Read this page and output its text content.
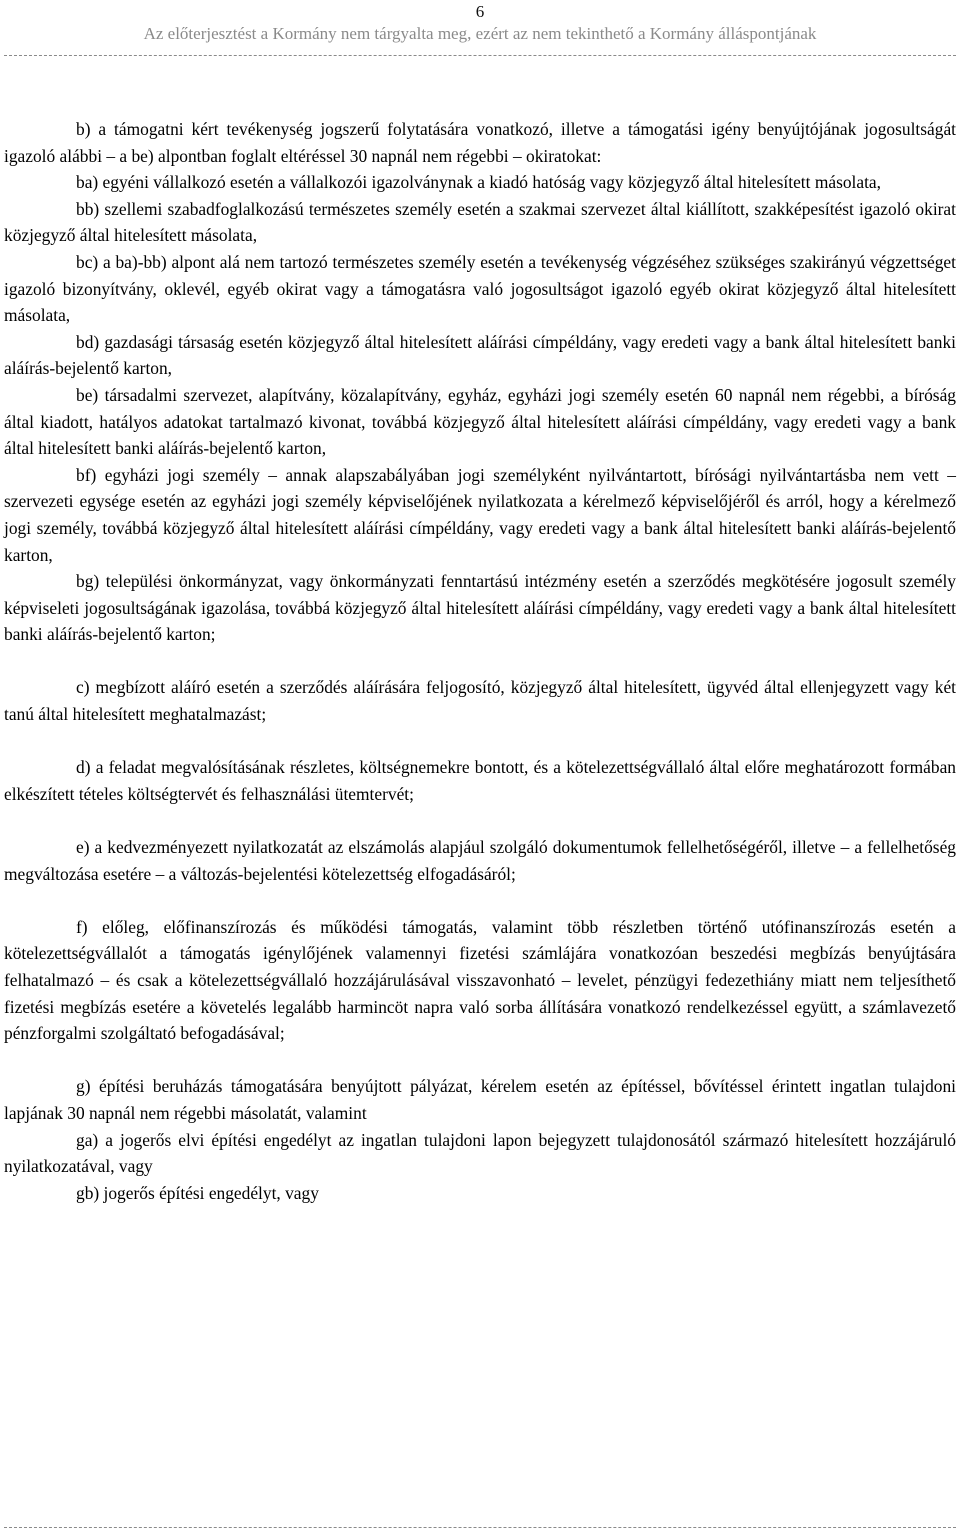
6
Az előterjesztést a Kormány nem tárgyalta meg, ezért az nem tekinthető a Kormány álláspontjának

b) a támogatni kért tevékenység jogszerű folytatására vonatkozó, illetve a támogatási igény benyújtójának jogosultságát igazoló alábbi – a be) alpontban foglalt eltéréssel 30 napnál nem régebbi – okiratokat:

ba) egyéni vállalkozó esetén a vállalkozói igazolványnak a kiadó hatóság vagy közjegyző által hitelesített másolata,

bb) szellemi szabadfoglalkozású természetes személy esetén a szakmai szervezet által kiállított, szakképesítést igazoló okirat közjegyző által hitelesített másolata,

bc) a ba)-bb) alpont alá nem tartozó természetes személy esetén a tevékenység végzéséhez szükséges szakirányú végzettséget igazoló bizonyítvány, oklevél, egyéb okirat vagy a támogatásra való jogosultságot igazoló egyéb okirat közjegyző által hitelesített másolata,

bd) gazdasági társaság esetén közjegyző által hitelesített aláírási címpéldány, vagy eredeti vagy a bank által hitelesített banki aláírás-bejelentő karton,

be) társadalmi szervezet, alapítvány, közalapítvány, egyház, egyházi jogi személy esetén 60 napnál nem régebbi, a bíróság által kiadott, hatályos adatokat tartalmazó kivonat, továbbá közjegyző által hitelesített aláírási címpéldány, vagy eredeti vagy a bank által hitelesített banki aláírás-bejelentő karton,

bf) egyházi jogi személy – annak alapszabályában jogi személyként nyilvántartott, bírósági nyilvántartásba nem vett – szervezeti egysége esetén az egyházi jogi személy képviselőjének nyilatkozata a kérelmező képviselőjéről és arról, hogy a kérelmező jogi személy, továbbá közjegyző által hitelesített aláírási címpéldány, vagy eredeti vagy a bank által hitelesített banki aláírás-bejelentő karton,

bg) települési önkormányzat, vagy önkormányzati fenntartású intézmény esetén a szerződés megkötésére jogosult személy képviseleti jogosultságának igazolása, továbbá közjegyző által hitelesített aláírási címpéldány, vagy eredeti vagy a bank által hitelesített banki aláírás-bejelentő karton;

c) megbízott aláíró esetén a szerződés aláírására feljogosító, közjegyző által hitelesített, ügyvéd által ellenjegyzett vagy két tanú által hitelesített meghatalmazást;

d) a feladat megvalósításának részletes, költségnemekre bontott, és a kötelezettségvállaló által előre meghatározott formában elkészített tételes költségtervét és felhasználási ütemtervét;

e) a kedvezményezett nyilatkozatát az elszámolás alapjául szolgáló dokumentumok fellelhetőségéről, illetve – a fellelhetőség megváltozása esetére – a változás-bejelentési kötelezettség elfogadásáról;

f) előleg, előfinanszírozás és működési támogatás, valamint több részletben történő utófinanszírozás esetén a kötelezettségvállalót a támogatás igénylőjének valamennyi fizetési számlájára vonatkozóan beszedési megbízás benyújtására felhatalmazó – és csak a kötelezettségvállaló hozzájárulásával visszavonható – levelet, pénzügyi fedezethiány miatt nem teljesíthető fizetési megbízás esetére a követelés legalább harmincöt napra való sorba állítására vonatkozó rendelkezéssel együtt, a számlavezető pénzforgalmi szolgáltató befogadásával;

g) építési beruházás támogatására benyújtott pályázat, kérelem esetén az építéssel, bővítéssel érintett ingatlan tulajdoni lapjának 30 napnál nem régebbi másolatát, valamint

ga) a jogerős elvi építési engedélyt az ingatlan tulajdoni lapon bejegyzett tulajdonosától származó hitelesített hozzájáruló nyilatkozatával, vagy

gb) jogerős építési engedélyt, vagy
